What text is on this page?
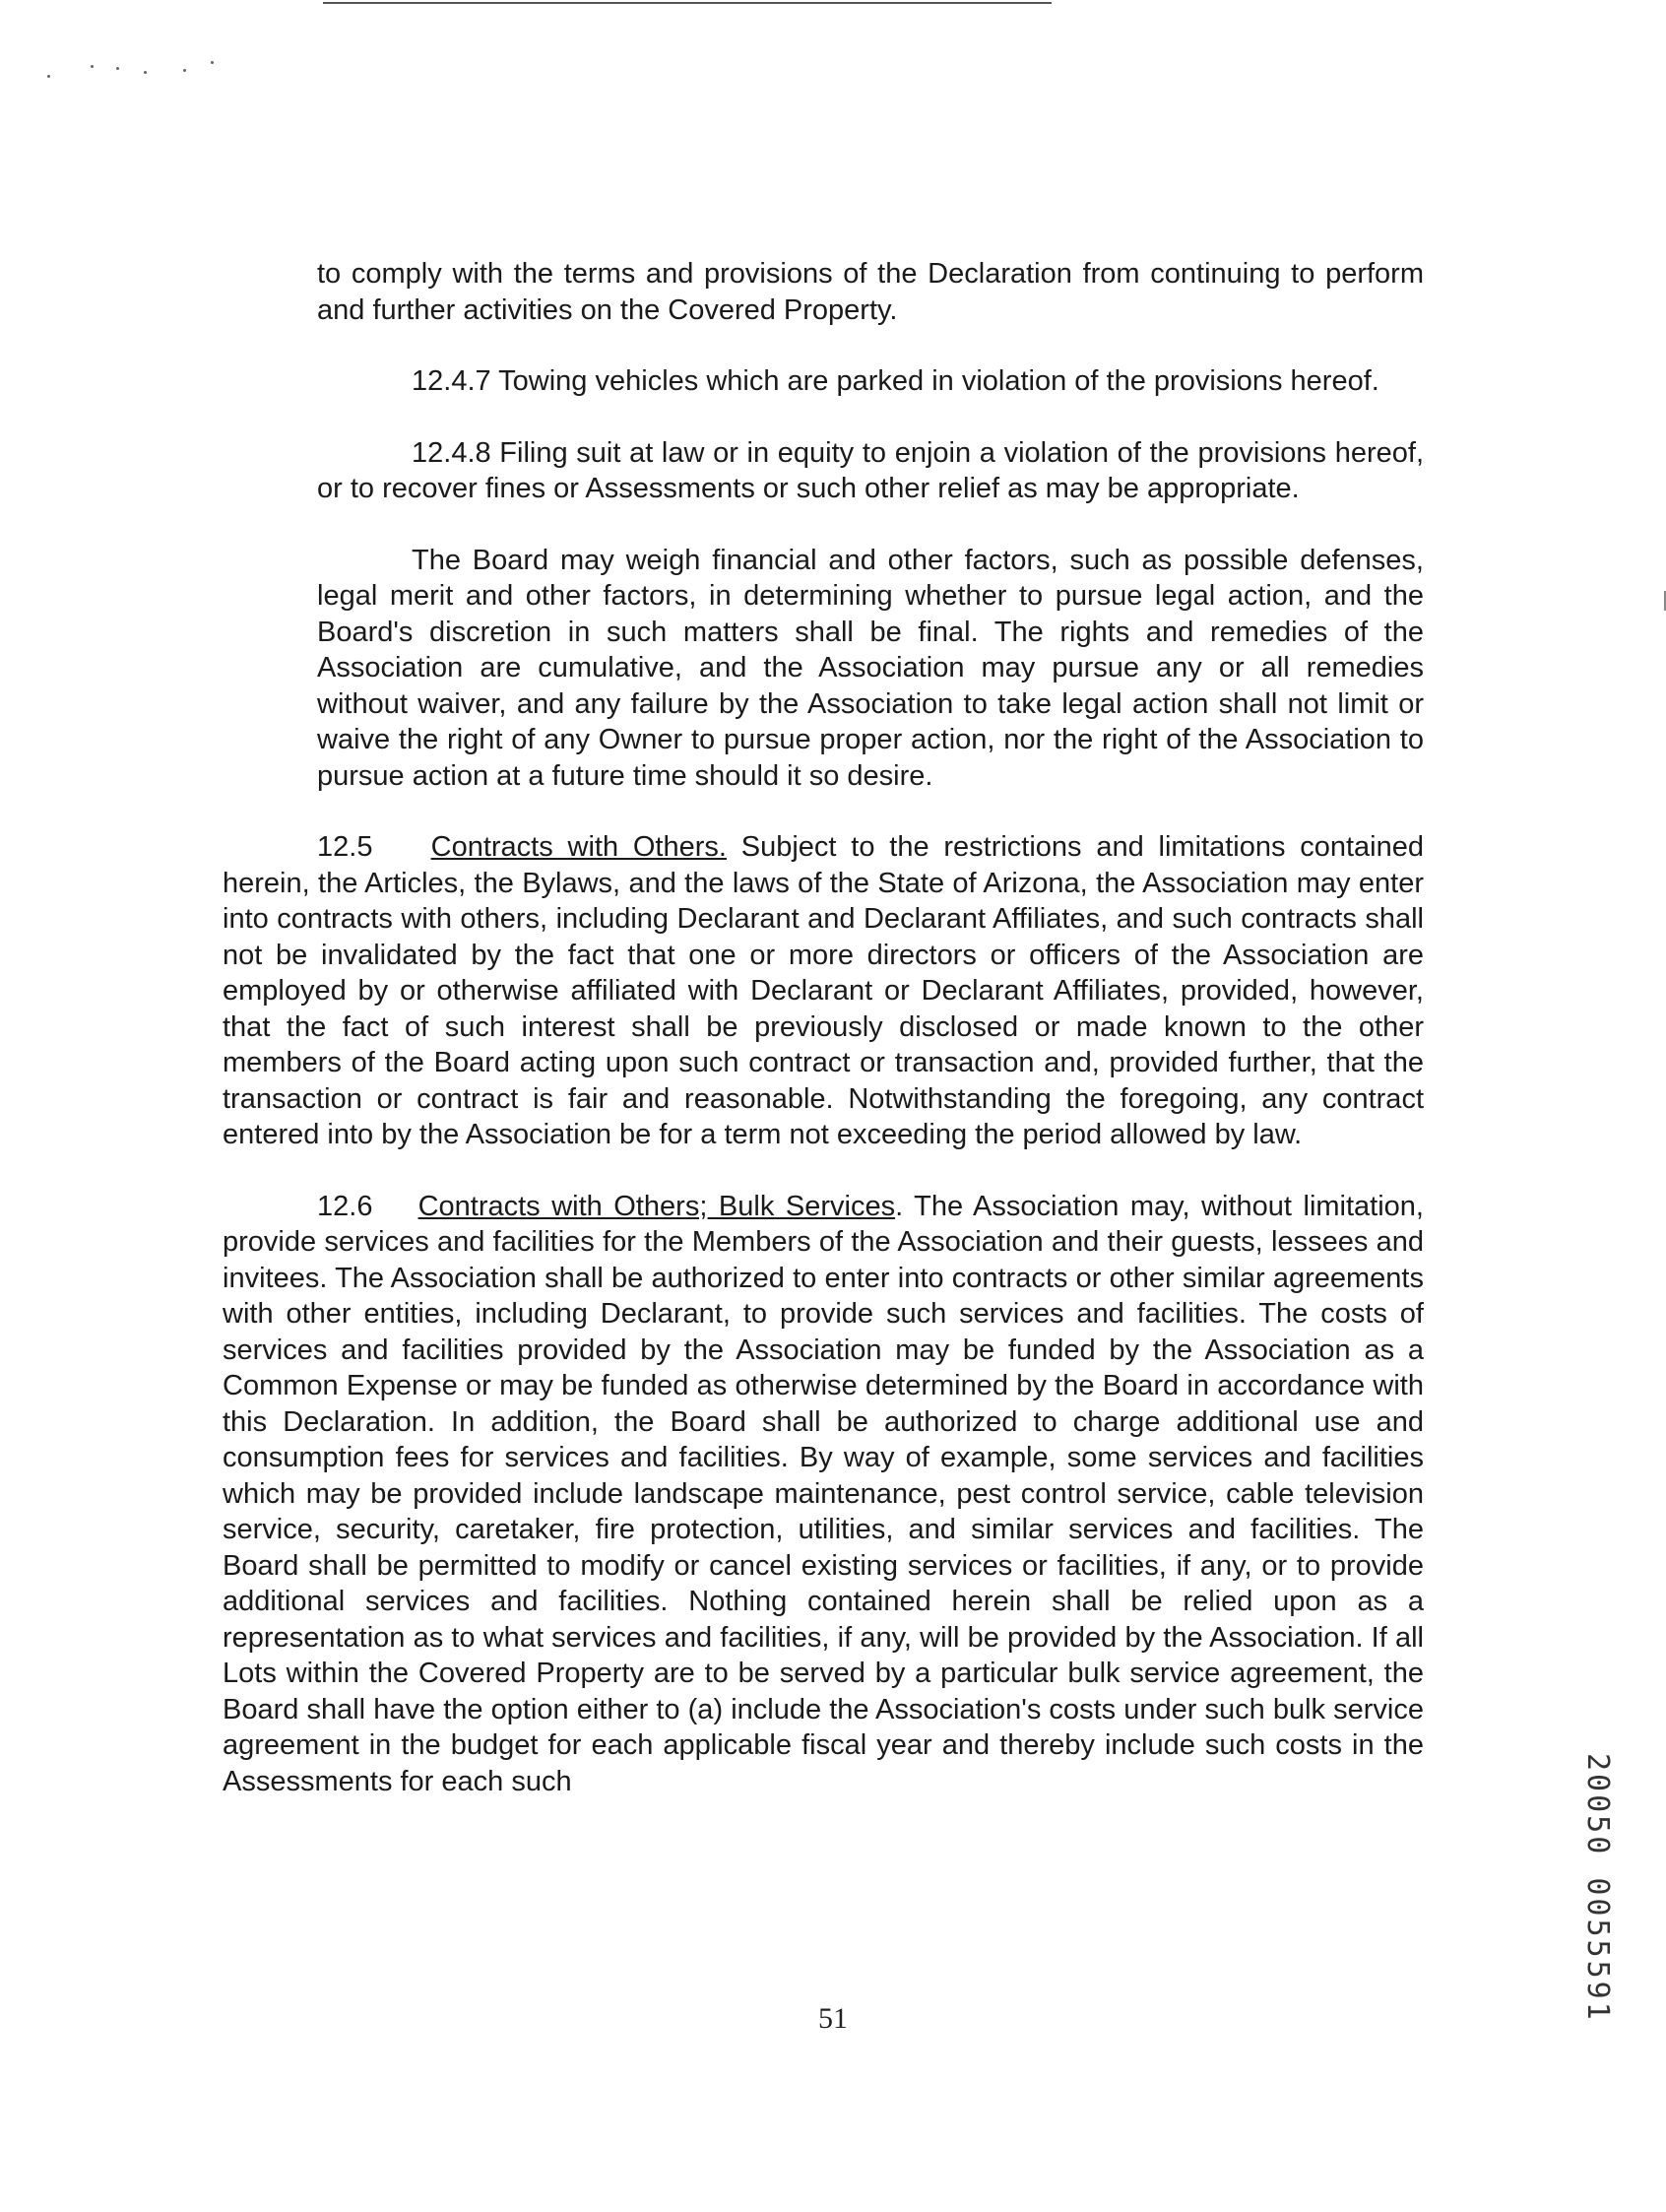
to comply with the terms and provisions of the Declaration from continuing to perform and further activities on the Covered Property.

12.4.7 Towing vehicles which are parked in violation of the provisions hereof.

12.4.8 Filing suit at law or in equity to enjoin a violation of the provisions hereof, or to recover fines or Assessments or such other relief as may be appropriate.

The Board may weigh financial and other factors, such as possible defenses, legal merit and other factors, in determining whether to pursue legal action, and the Board's discretion in such matters shall be final. The rights and remedies of the Association are cumulative, and the Association may pursue any or all remedies without waiver, and any failure by the Association to take legal action shall not limit or waive the right of any Owner to pursue proper action, nor the right of the Association to pursue action at a future time should it so desire.

12.5 Contracts with Others. Subject to the restrictions and limitations contained herein, the Articles, the Bylaws, and the laws of the State of Arizona, the Association may enter into contracts with others, including Declarant and Declarant Affiliates, and such contracts shall not be invalidated by the fact that one or more directors or officers of the Association are employed by or otherwise affiliated with Declarant or Declarant Affiliates, provided, however, that the fact of such interest shall be previously disclosed or made known to the other members of the Board acting upon such contract or transaction and, provided further, that the transaction or contract is fair and reasonable. Notwithstanding the foregoing, any contract entered into by the Association be for a term not exceeding the period allowed by law.

12.6 Contracts with Others; Bulk Services. The Association may, without limitation, provide services and facilities for the Members of the Association and their guests, lessees and invitees. The Association shall be authorized to enter into contracts or other similar agreements with other entities, including Declarant, to provide such services and facilities. The costs of services and facilities provided by the Association may be funded by the Association as a Common Expense or may be funded as otherwise determined by the Board in accordance with this Declaration. In addition, the Board shall be authorized to charge additional use and consumption fees for services and facilities. By way of example, some services and facilities which may be provided include landscape maintenance, pest control service, cable television service, security, caretaker, fire protection, utilities, and similar services and facilities. The Board shall be permitted to modify or cancel existing services or facilities, if any, or to provide additional services and facilities. Nothing contained herein shall be relied upon as a representation as to what services and facilities, if any, will be provided by the Association. If all Lots within the Covered Property are to be served by a particular bulk service agreement, the Board shall have the option either to (a) include the Association's costs under such bulk service agreement in the budget for each applicable fiscal year and thereby include such costs in the Assessments for each such

51	20050 0055591
